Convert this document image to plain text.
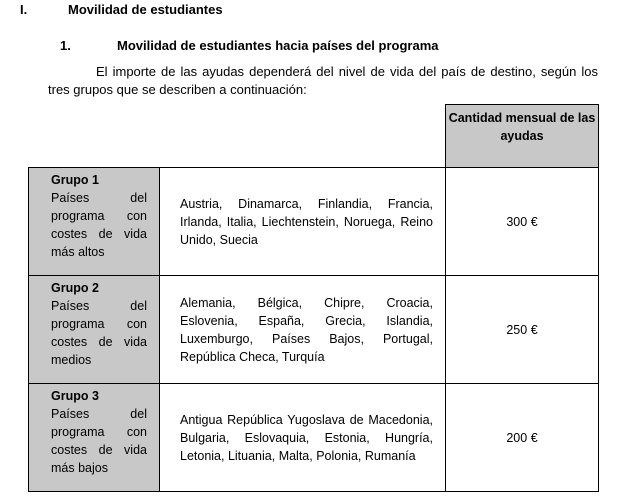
I.	Movilidad de estudiantes
1.	Movilidad de estudiantes hacia países del programa
El importe de las ayudas dependerá del nivel de vida del país de destino, según los tres grupos que se describen a continuación:
		Cantidad mensual de las ayudas

Grupo 1
Países del programa con costes de vida más altos	Austria, Dinamarca, Finlandia, Francia, Irlanda, Italia, Liechtenstein, Noruega, Reino Unido, Suecia	300 €

Grupo 2
Países del programa con costes de vida medios	Alemania, Bélgica, Chipre, Croacia, Eslovenia, España, Grecia, Islandia, Luxemburgo, Países Bajos, Portugal, República Checa, Turquía	250 €

Grupo 3
Países del programa con costes de vida más bajos	Antigua República Yugoslava de Macedonia, Bulgaria, Eslovaquia, Estonia, Hungría, Letonia, Lituania, Malta, Polonia, Rumanía	200 €
